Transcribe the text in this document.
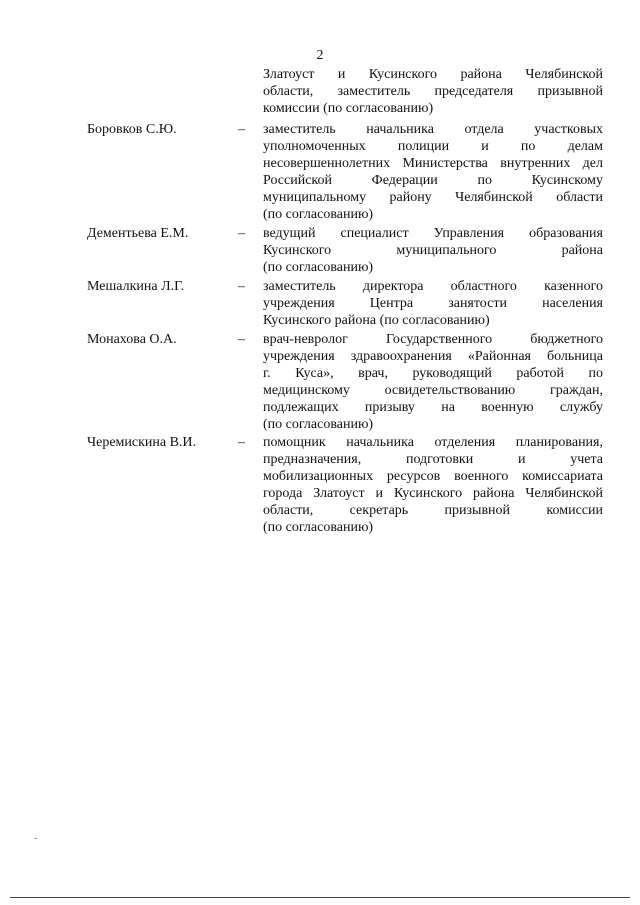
2
Златоуст и Кусинского района Челябинской
области, заместитель председателя призывной
комиссии (по согласованию)
Боровков С.Ю.	– заместитель начальника отдела участковых
уполномоченных полиции и по делам
несовершеннолетних Министерства внутренних дел
Российской Федерации по Кусинскому
муниципальному району Челябинской области
(по согласованию)
Дементьева Е.М.	– ведущий специалист Управления образования
Кусинского муниципального района
(по согласованию)
Мешалкина Л.Г.	– заместитель директора областного казенного
учреждения Центра занятости населения
Кусинского района (по согласованию)
Монахова О.А.	– врач-невролог Государственного бюджетного
учреждения здравоохранения «Районная больница
г. Куса», врач, руководящий работой по
медицинскому освидетельствованию граждан,
подлежащих призыву на военную службу
(по согласованию)
Черемискина В.И.	– помощник начальника отделения планирования,
предназначения, подготовки и учета
мобилизационных ресурсов военного комиссариата
города Златоуст и Кусинского района Челябинской
области, секретарь призывной комиссии
(по согласованию)
